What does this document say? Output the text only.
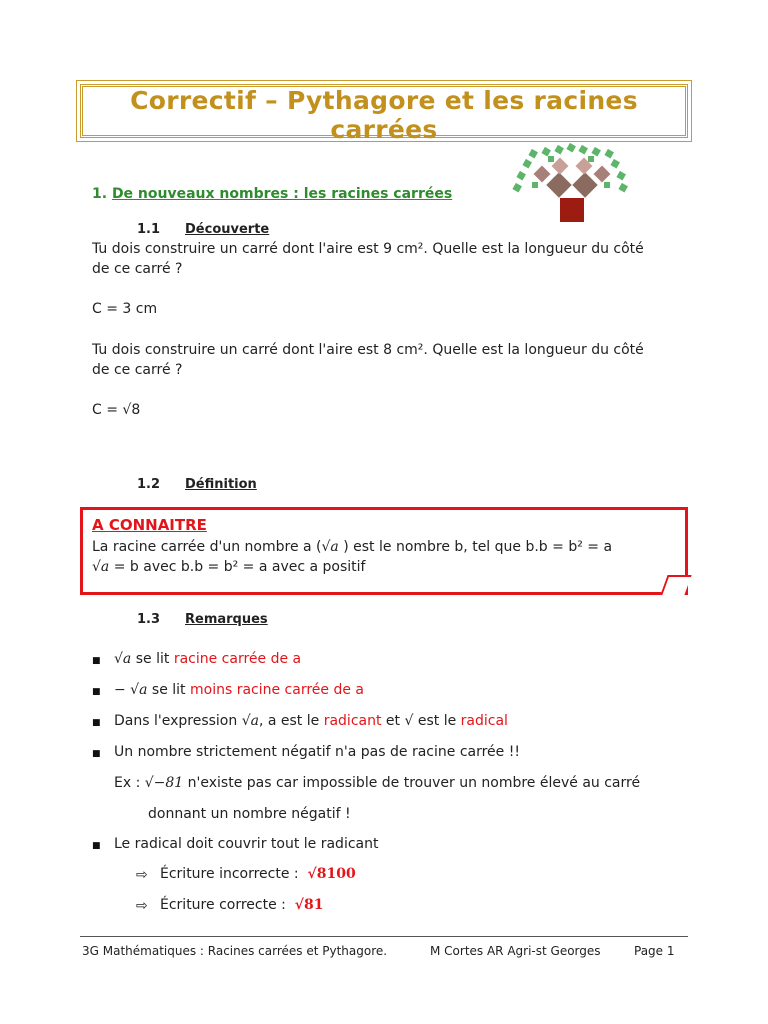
Correctif – Pythagore et les racines carrées
1. De nouveaux nombres : les racines carrées
1.1 Découverte
Tu dois construire un carré dont l'aire est 9 cm². Quelle est la longueur du côté
de ce carré ?
C = 3 cm
Tu dois construire un carré dont l'aire est 8 cm². Quelle est la longueur du côté
de ce carré ?
C = √8
1.2 Définition
A CONNAITRE
La racine carrée d'un nombre a (√a ) est le nombre b, tel que b.b = b² = a
√a = b avec b.b = b² = a avec a positif
1.3 Remarques
■ √a se lit racine carrée de a
■ − √a se lit moins racine carrée de a
■ Dans l'expression √a, a est le radicant et √ est le radical
■ Un nombre strictement négatif n'a pas de racine carrée !!
Ex : √−81 n'existe pas car impossible de trouver un nombre élevé au carré
donnant un nombre négatif !
■ Le radical doit couvrir tout le radicant
⇨ Écriture incorrecte : √8100
⇨ Écriture correcte : √81
3G Mathématiques : Racines carrées et Pythagore.	M Cortes AR Agri-st Georges	Page 1
